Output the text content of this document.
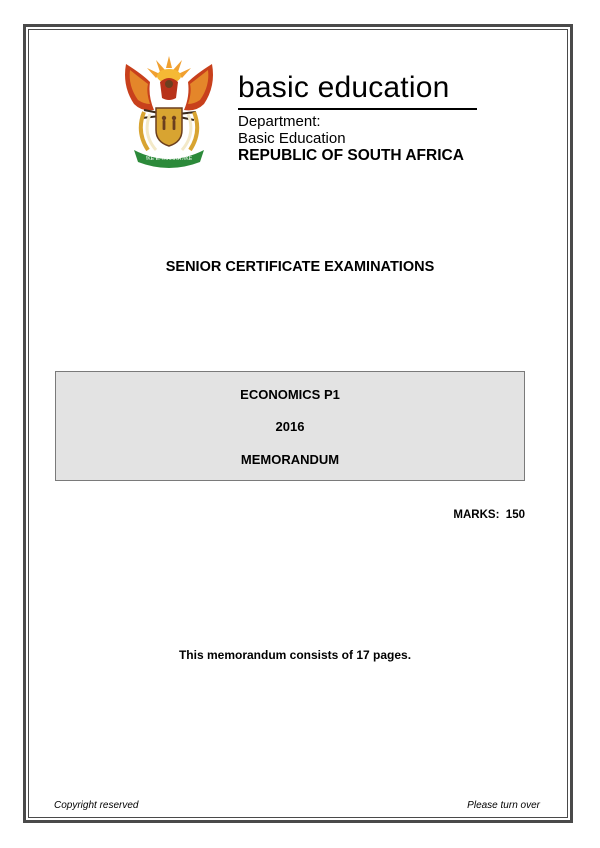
!KE E: /XARRA //KE
basic education
Department:
Basic Education
REPUBLIC OF SOUTH AFRICA
SENIOR CERTIFICATE EXAMINATIONS
ECONOMICS P1
2016
MEMORANDUM
MARKS:  150
This memorandum consists of 17 pages.
Copyright reserved	Please turn over
